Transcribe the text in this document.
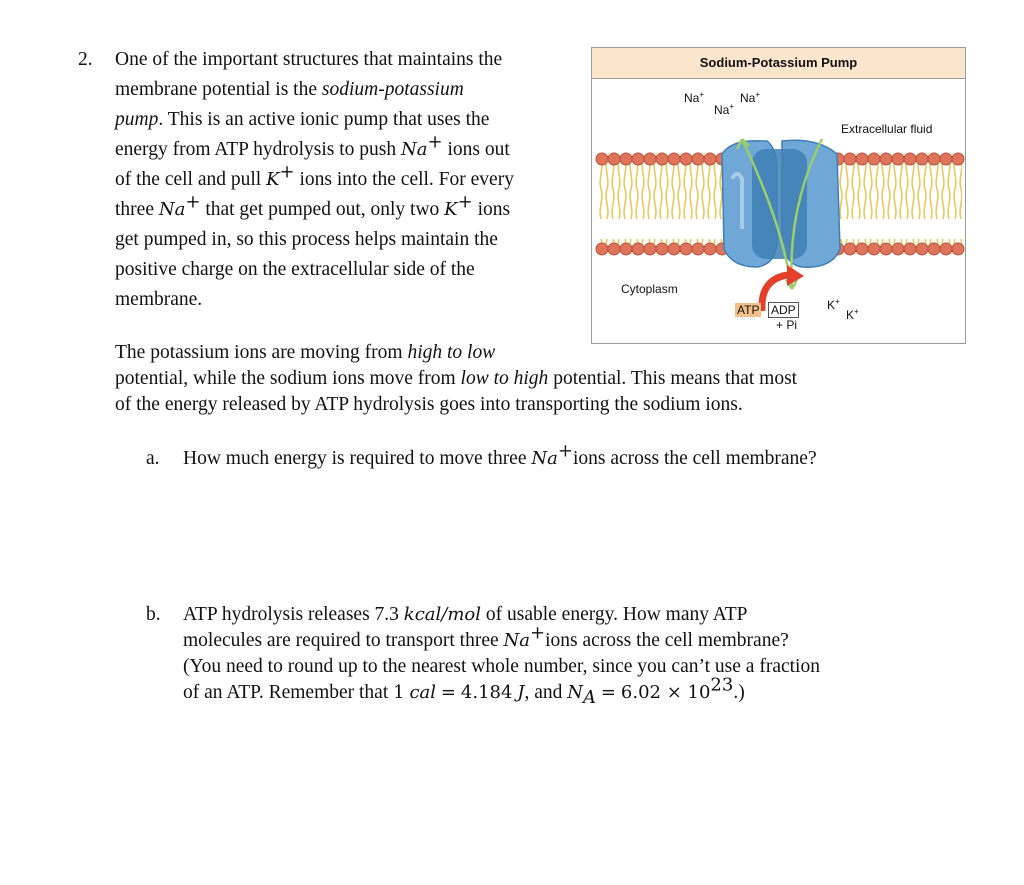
2. One of the important structures that maintains the
membrane potential is the sodium-potassium
pump. This is an active ionic pump that uses the
energy from ATP hydrolysis to push Na+ ions out
of the cell and pull K+ ions into the cell. For every
three Na+ that get pumped out, only two K+ ions
get pumped in, so this process helps maintain the
positive charge on the extracellular side of the
membrane.
Sodium-Potassium Pump
Na+
Na+
Na+
Extracellular fluid
Cytoplasm
ATP ADP
+ Pi
K+
K+
The potassium ions are moving from high to low
potential, while the sodium ions move from low to high potential. This means that most
of the energy released by ATP hydrolysis goes into transporting the sodium ions.
a. How much energy is required to move three Na+ions across the cell membrane?
b. ATP hydrolysis releases 7.3 kcal/mol of usable energy. How many ATP
molecules are required to transport three Na+ions across the cell membrane?
(You need to round up to the nearest whole number, since you can’t use a fraction
of an ATP. Remember that 1 cal = 4.184 J, and $N_A = 6.02 \times 10^{23}$.)
